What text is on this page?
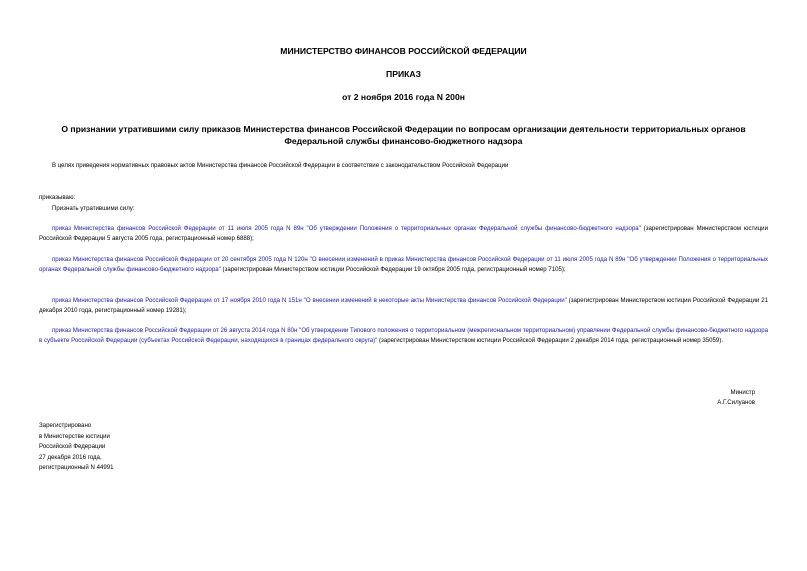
МИНИСТЕРСТВО ФИНАНСОВ РОССИЙСКОЙ ФЕДЕРАЦИИ
ПРИКАЗ
от 2 ноября 2016 года N 200н
О признании утратившими силу приказов Министерства финансов Российской Федерации по вопросам организации деятельности территориальных органов
Федеральной службы финансово-бюджетного надзора
В целях приведения нормативных правовых актов Министерства финансов Российской Федерации в соответствие с законодательством Российской Федерации
приказываю:
Признать утратившими силу:
приказ Министерства финансов Российской Федерации от 11 июля 2005 года N 89н "Об утверждении Положения о территориальных органах Федеральной службы финансово-бюджетного надзора" (зарегистрирован Министерством юстиции Российской Федерации 5 августа 2005 года, регистрационный номер 6888);
приказ Министерства финансов Российской Федерации от 20 сентября 2005 года N 120н "О внесении изменений в приказ Министерства финансов Российской Федерации от 11 июля 2005 года N 89н "Об утверждении Положения о территориальных органах Федеральной службы финансово-бюджетного надзора" (зарегистрирован Министерством юстиции Российской Федерации 19 октября 2005 года, регистрационный номер 7105);
приказ Министерства финансов Российской Федерации от 17 ноября 2010 года N 151н "О внесении изменений в некоторые акты Министерства финансов Российской Федерации" (зарегистрирован Министерством юстиции Российской Федерации 21 декабря 2010 года, регистрационный номер 19281);
приказ Министерства финансов Российской Федерации от 26 августа 2014 года N 80н "Об утверждении Типового положения о территориальном (межрегиональном территориальном) управлении Федеральной службы финансово-бюджетного надзора в субъекте Российской Федерации (субъектах Российской Федерации, находящихся в границах федерального округа)" (зарегистрирован Министерством юстиции Российской Федерации 2 декабря 2014 года, регистрационный номер 35059).
Министр
А.Г.Силуанов
Зарегистрировано
в Министерстве юстиции
Российской Федерации
27 декабря 2016 года,
регистрационный N 44991
